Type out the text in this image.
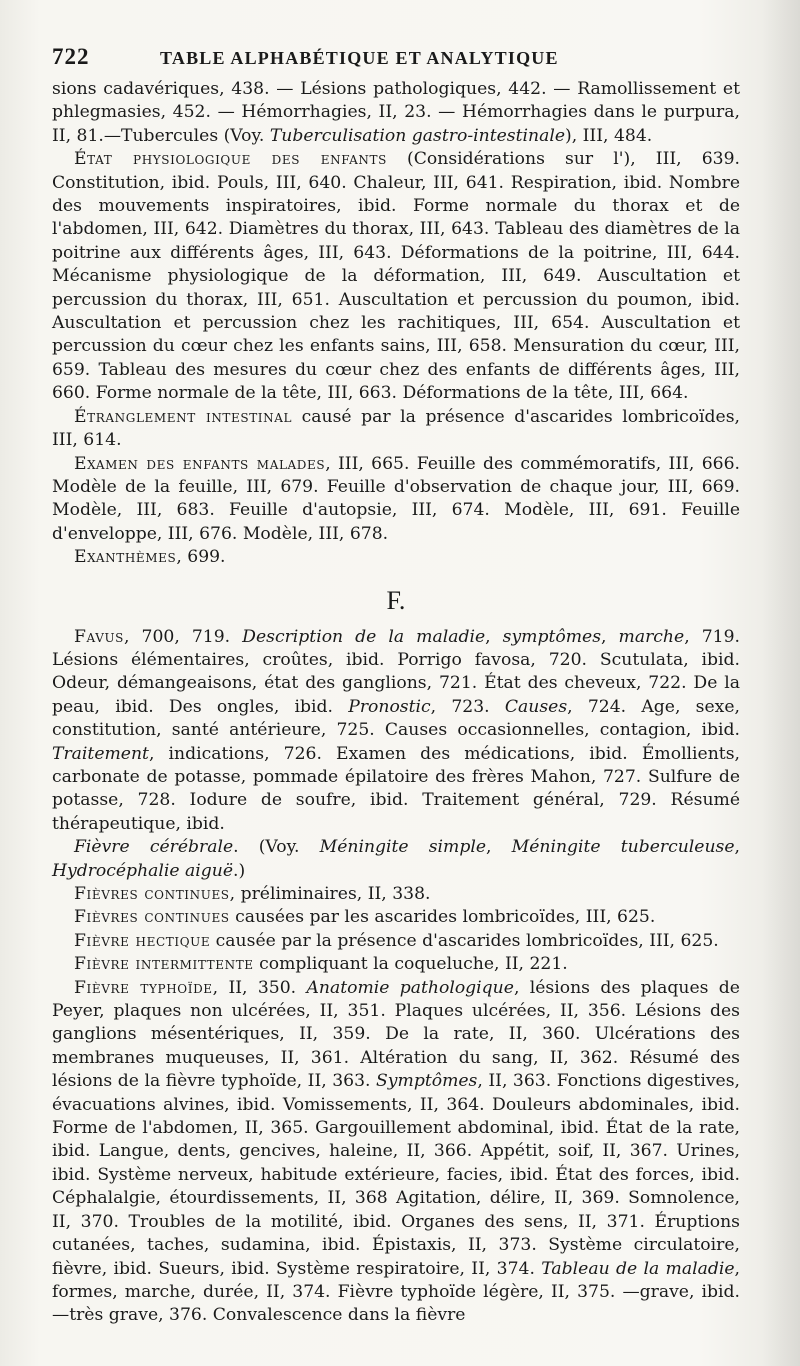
722	TABLE ALPHABÉTIQUE ET ANALYTIQUE

sions cadavériques, 438. — Lésions pathologiques, 442. — Ramollissement et phlegmasies, 452. — Hémorrhagies, II, 23. — Hémorrhagies dans le purpura, II, 81.—Tubercules (Voy. Tuberculisation gastro-intestinale), III, 484.

État physiologique des enfants (Considérations sur l'), III, 639. Constitution, ibid. Pouls, III, 640. Chaleur, III, 641. Respiration, ibid. Nombre des mouvements inspiratoires, ibid. Forme normale du thorax et de l'abdomen, III, 642. Diamètres du thorax, III, 643. Tableau des diamètres de la poitrine aux différents âges, III, 643. Déformations de la poitrine, III, 644. Mécanisme physiologique de la déformation, III, 649. Auscultation et percussion du thorax, III, 651. Auscultation et percussion du poumon, ibid. Auscultation et percussion chez les rachitiques, III, 654. Auscultation et percussion du cœur chez les enfants sains, III, 658. Mensuration du cœur, III, 659. Tableau des mesures du cœur chez des enfants de différents âges, III, 660. Forme normale de la tête, III, 663. Déformations de la tête, III, 664.

Étranglement intestinal causé par la présence d'ascarides lombricoïdes, III, 614.

Examen des enfants malades, III, 665. Feuille des commémoratifs, III, 666. Modèle de la feuille, III, 679. Feuille d'observation de chaque jour, III, 669. Modèle, III, 683. Feuille d'autopsie, III, 674. Modèle, III, 691. Feuille d'enveloppe, III, 676. Modèle, III, 678.

Exanthèmes, 699.

F.

Favus, 700, 719. Description de la maladie, symptômes, marche, 719. Lésions élémentaires, croûtes, ibid. Porrigo favosa, 720. Scutulata, ibid. Odeur, démangeaisons, état des ganglions, 721. État des cheveux, 722. De la peau, ibid. Des ongles, ibid. Pronostic, 723. Causes, 724. Age, sexe, constitution, santé antérieure, 725. Causes occasionnelles, contagion, ibid. Traitement, indications, 726. Examen des médications, ibid. Émollients, carbonate de potasse, pommade épilatoire des frères Mahon, 727. Sulfure de potasse, 728. Iodure de soufre, ibid. Traitement général, 729. Résumé thérapeutique, ibid.

Fièvre cérébrale. (Voy. Méningite simple, Méningite tuberculeuse, Hydrocéphalie aiguë.)

Fièvres continues, préliminaires, II, 338.

Fièvres continues causées par les ascarides lombricoïdes, III, 625.

Fièvre hectique causée par la présence d'ascarides lombricoïdes, III, 625.

Fièvre intermittente compliquant la coqueluche, II, 221.

Fièvre typhoïde, II, 350. Anatomie pathologique, lésions des plaques de Peyer, plaques non ulcérées, II, 351. Plaques ulcérées, II, 356. Lésions des ganglions mésentériques, II, 359. De la rate, II, 360. Ulcérations des membranes muqueuses, II, 361. Altération du sang, II, 362. Résumé des lésions de la fièvre typhoïde, II, 363. Symptômes, II, 363. Fonctions digestives, évacuations alvines, ibid. Vomissements, II, 364. Douleurs abdominales, ibid. Forme de l'abdomen, II, 365. Gargouillement abdominal, ibid. État de la rate, ibid. Langue, dents, gencives, haleine, II, 366. Appétit, soif, II, 367. Urines, ibid. Système nerveux, habitude extérieure, facies, ibid. État des forces, ibid. Céphalalgie, étourdissements, II, 368 Agitation, délire, II, 369. Somnolence, II, 370. Troubles de la motilité, ibid. Organes des sens, II, 371. Éruptions cutanées, taches, sudamina, ibid. Épistaxis, II, 373. Système circulatoire, fièvre, ibid. Sueurs, ibid. Système respiratoire, II, 374. Tableau de la maladie, formes, marche, durée, II, 374. Fièvre typhoïde légère, II, 375. —grave, ibid. —très grave, 376. Convalescence dans la fièvre
